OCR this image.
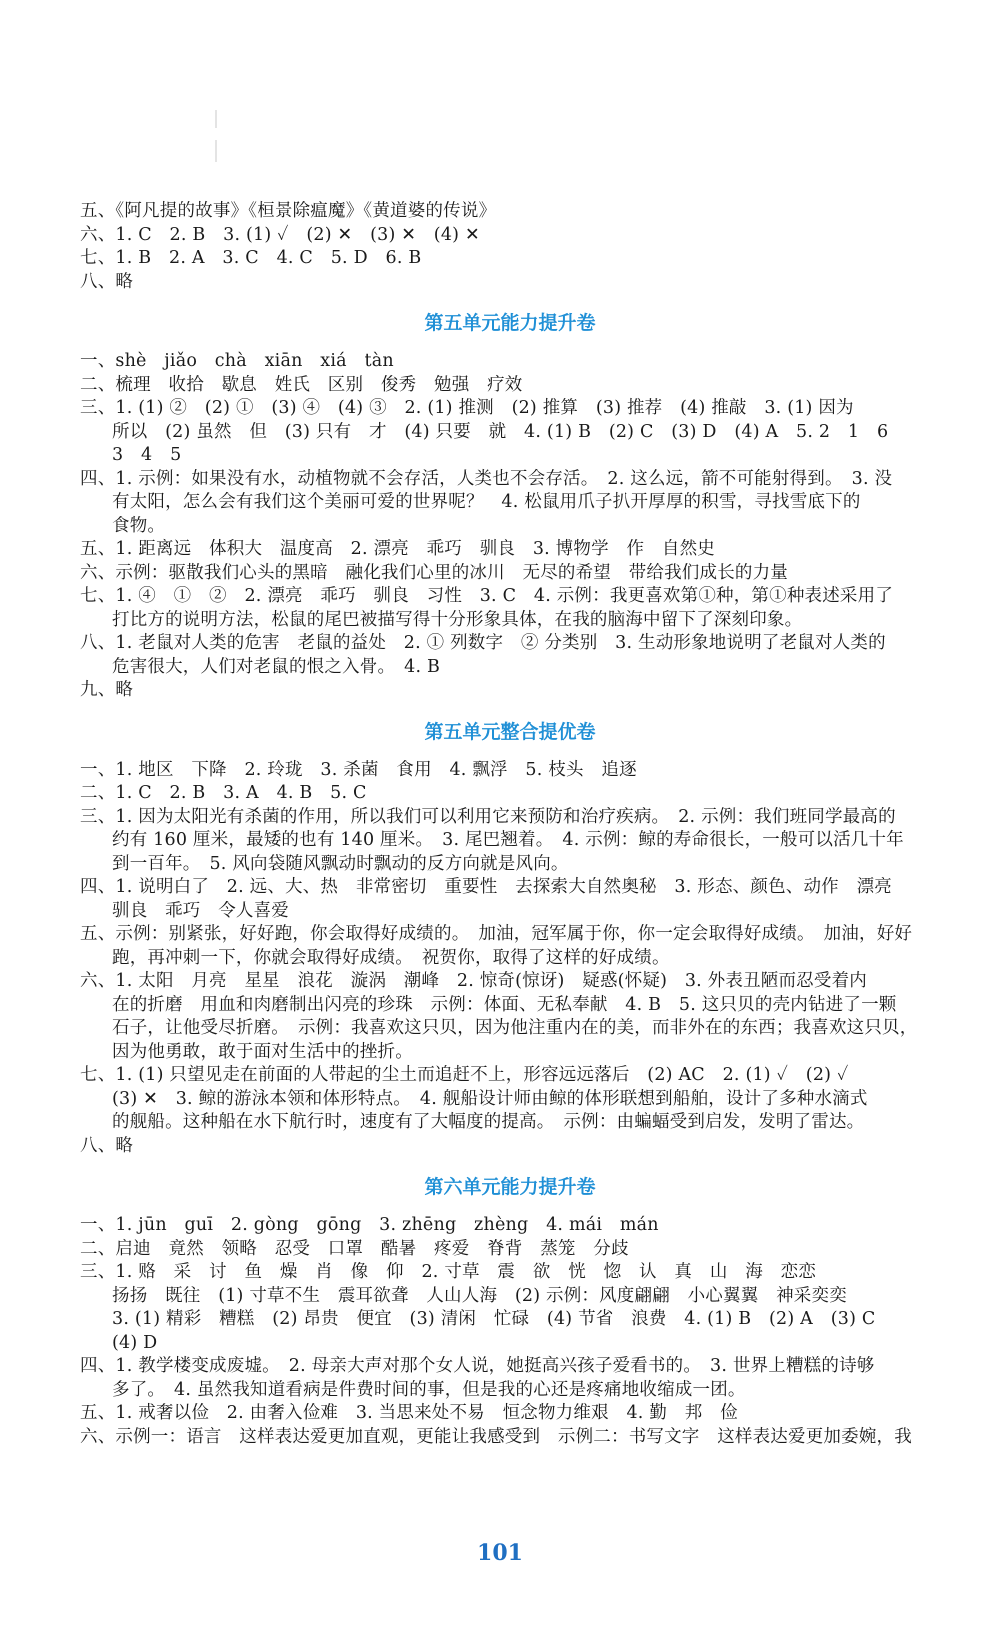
五、《阿凡提的故事》《桓景除瘟魔》《黄道婆的传说》
六、1. C　2. B　3. (1) ✓　(2) ✕　(3) ✕　(4) ✕
七、1. B　2. A　3. C　4. C　5. D　6. B
八、略
第五单元能力提升卷
一、shè　jiǎo　chà　xiān　xiá　tàn
二、梳理　收拾　歇息　姓氏　区别　俊秀　勉强　疗效
三、1. (1) ②　(2) ①　(3) ④　(4) ③　2. (1) 推测　(2) 推算　(3) 推荐　(4) 推敲　3. (1) 因为
所以　(2) 虽然　但　(3) 只有　才　(4) 只要　就　4. (1) B　(2) C　(3) D　(4) A　5. 2　1　6
3　4　5
四、1. 示例：如果没有水，动植物就不会存活，人类也不会存活。　2. 这么远，箭不可能射得到。　3. 没
有太阳，怎么会有我们这个美丽可爱的世界呢？　4. 松鼠用爪子扒开厚厚的积雪，寻找雪底下的
食物。
五、1. 距离远　体积大　温度高　2. 漂亮　乖巧　驯良　3. 博物学　作　自然史
六、示例：驱散我们心头的黑暗　融化我们心里的冰川　无尽的希望　带给我们成长的力量
七、1. ④　①　②　2. 漂亮　乖巧　驯良　习性　3. C　4. 示例：我更喜欢第①种，第①种表述采用了
打比方的说明方法，松鼠的尾巴被描写得十分形象具体，在我的脑海中留下了深刻印象。
八、1. 老鼠对人类的危害　老鼠的益处　2. ① 列数字　② 分类别　3. 生动形象地说明了老鼠对人类的
危害很大，人们对老鼠的恨之入骨。　4. B
九、略
第五单元整合提优卷
一、1. 地区　下降　2. 玲珑　3. 杀菌　食用　4. 飘浮　5. 枝头　追逐
二、1. C　2. B　3. A　4. B　5. C
三、1. 因为太阳光有杀菌的作用，所以我们可以利用它来预防和治疗疾病。　2. 示例：我们班同学最高的
约有 160 厘米，最矮的也有 140 厘米。　3. 尾巴翘着。　4. 示例：鲸的寿命很长，一般可以活几十年
到一百年。　5. 风向袋随风飘动时飘动的反方向就是风向。
四、1. 说明白了　2. 远、大、热　非常密切　重要性　去探索大自然奥秘　3. 形态、颜色、动作　漂亮
驯良　乖巧　令人喜爱
五、示例：别紧张，好好跑，你会取得好成绩的。　加油，冠军属于你，你一定会取得好成绩。　加油，好好
跑，再冲刺一下，你就会取得好成绩。　祝贺你，取得了这样的好成绩。
六、1. 太阳　月亮　星星　浪花　漩涡　潮峰　2. 惊奇(惊讶)　疑惑(怀疑)　3. 外表丑陋而忍受着内
在的折磨　用血和肉磨制出闪亮的珍珠　示例：体面、无私奉献　4. B　5. 这只贝的壳内钻进了一颗
石子，让他受尽折磨。　示例：我喜欢这只贝，因为他注重内在的美，而非外在的东西；我喜欢这只贝，
因为他勇敢，敢于面对生活中的挫折。
七、1. (1) 只望见走在前面的人带起的尘土而追赶不上，形容远远落后　(2) AC　2. (1) ✓　(2) ✓
(3) ✕　3. 鲸的游泳本领和体形特点。　4. 舰船设计师由鲸的体形联想到船舶，设计了多种水滴式
的舰船。这种船在水下航行时，速度有了大幅度的提高。　示例：由蝙蝠受到启发，发明了雷达。
八、略
第六单元能力提升卷
一、1. jūn　guī　2. gòng　gōng　3. zhēng　zhèng　4. mái　mán
二、启迪　竟然　领略　忍受　口罩　酷暑　疼爱　脊背　蒸笼　分歧
三、1. 赂　采　讨　鱼　燥　肖　像　仰　2. 寸草　震　欲　恍　惚　认　真　山　海　恋恋
扬扬　既往　(1) 寸草不生　震耳欲聋　人山人海　(2) 示例：风度翩翩　小心翼翼　神采奕奕
3. (1) 精彩　糟糕　(2) 昂贵　便宜　(3) 清闲　忙碌　(4) 节省　浪费　4. (1) B　(2) A　(3) C
(4) D
四、1. 教学楼变成废墟。　2. 母亲大声对那个女人说，她挺高兴孩子爱看书的。　3. 世界上糟糕的诗够
多了。　4. 虽然我知道看病是件费时间的事，但是我的心还是疼痛地收缩成一团。
五、1. 戒奢以俭　2. 由奢入俭难　3. 当思来处不易　恒念物力维艰　4. 勤　邦　俭
六、示例一：语言　这样表达爱更加直观，更能让我感受到　示例二：书写文字　这样表达爱更加委婉，我
101
